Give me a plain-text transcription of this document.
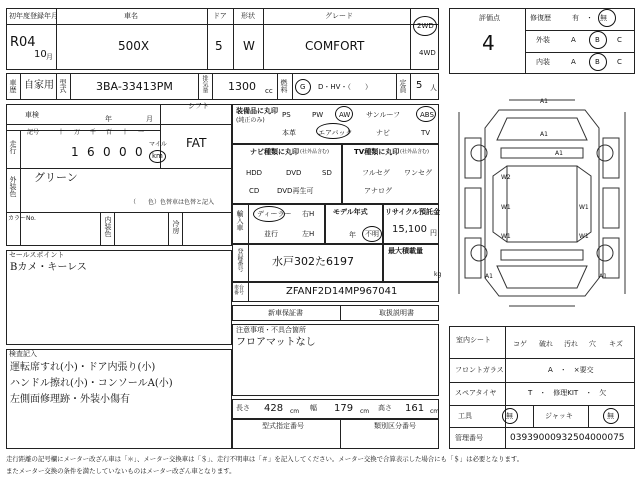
初年度登録年月
R04
10 月
車名
500X
ドア
5
形状
W
グレード
COMFORT
2WD
4WD
車歴 自家用 型式	3BA-33413PM	排気量 1300 cc 燃料 G D・HV・（　　）	定員 5 人
車検	年	月
シフト
FAT
記号	十 万 千 百 十 一
走行	1 6 0 0 0
マイル
km
外装色 グリーン
（　　色）色替車は色替と記入
カラーNo.	内装色	冷房
セールスポイント
Bカメ・キーレス
検査記入
運転席すれ(小)・ドア内張り(小)
ハンドル擦れ(小)・コンソールA(小)
左側面修理跡・外装小傷有
装備品に丸印
(純正のみ)
PS	PW AW サンルーフ	ABS
本革	エアバック	ナビ	TV
ナビ種類に丸印 (社外品含む)
HDD	DVD	SD
CD	DVD再生可
TV種類に丸印 (社外品含む)
フルセグ ワンセグ
アナログ
輸入車 ディーラー
並行
右H
左H
モデル年式
年 不明
リサイクル預託金
15,100 円
登録番号	水戸302た6197
最大積載量
kg
車台番号	ZFANF2D14MP967041
新車保証書	取扱説明書
注意事項・不具合箇所
フロアマットなし
長さ 428 cm 幅 179 cm 高さ 161 cm
型式指定番号	類別区分番号
評価点
4
修復歴	有　・　無
外装	A	B C
内装	A	B C
A1
A1
A1
W2
W1	W1
W1	W1
A1	A1
室内シート	コゲ 破れ 汚れ 穴 キズ
フロントガラス	A　・　×要交
スペアタイヤ	T　・　修理KIT　・　欠
工具	無	ジャッキ	無
管理番号	03939000932504000075
走行距離の記号欄にメーター改ざん車は「＊」、メーター交換車は「＄」、走行不明車は「＃」を記入してください。メーター交換で合算表示した場合にも「＄」は必要となります。
またメーター交換の条件を満たしていないものはメーター改ざん車となります。
